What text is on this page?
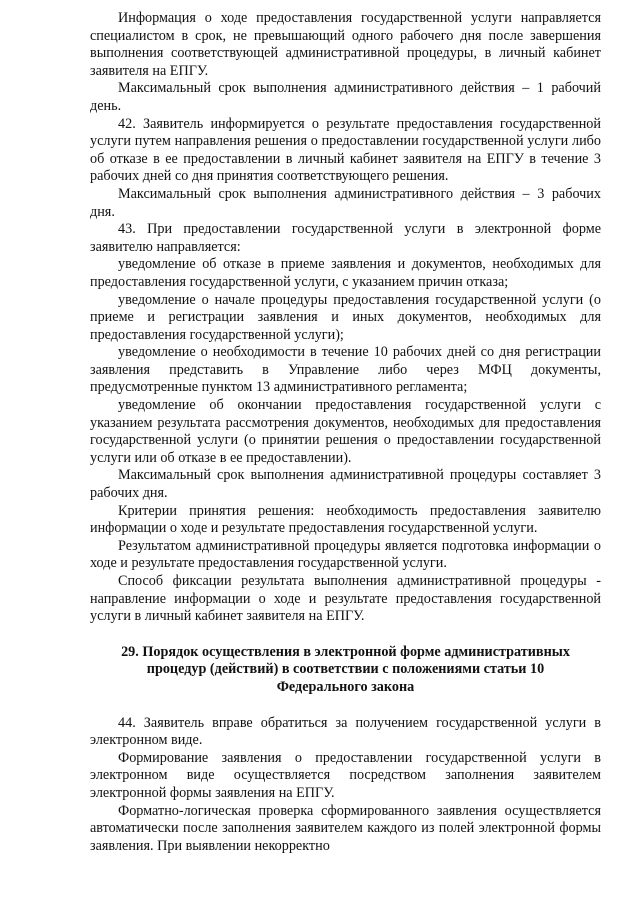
Информация о ходе предоставления государственной услуги направляется специалистом в срок, не превышающий одного рабочего дня после завершения выполнения соответствующей административной процедуры, в личный кабинет заявителя на ЕПГУ.

Максимальный срок выполнения административного действия – 1 рабочий день.

42. Заявитель информируется о результате предоставления государственной услуги путем направления решения о предоставлении государственной услуги либо об отказе в ее предоставлении в личный кабинет заявителя на ЕПГУ в течение 3 рабочих дней со дня принятия соответствующего решения.

Максимальный срок выполнения административного действия – 3 рабочих дня.

43. При предоставлении государственной услуги в электронной форме заявителю направляется:

уведомление об отказе в приеме заявления и документов, необходимых для предоставления государственной услуги, с указанием причин отказа;

уведомление о начале процедуры предоставления государственной услуги (о приеме и регистрации заявления и иных документов, необходимых для предоставления государственной услуги);

уведомление о необходимости в течение 10 рабочих дней со дня регистрации заявления представить в Управление либо через МФЦ документы, предусмотренные пунктом 13 административного регламента;

уведомление об окончании предоставления государственной услуги с указанием результата рассмотрения документов, необходимых для предоставления государственной услуги (о принятии решения о предоставлении государственной услуги или об отказе в ее предоставлении).

Максимальный срок выполнения административной процедуры составляет 3 рабочих дня.

Критерии принятия решения: необходимость предоставления заявителю информации о ходе и результате предоставления государственной услуги.

Результатом административной процедуры является подготовка информации о ходе и результате предоставления государственной услуги.

Способ фиксации результата выполнения административной процедуры - направление информации о ходе и результате предоставления государственной услуги в личный кабинет заявителя на ЕПГУ.

29. Порядок осуществления в электронной форме административных процедур (действий) в соответствии с положениями статьи 10 Федерального закона

44. Заявитель вправе обратиться за получением государственной услуги в электронном виде.

Формирование заявления о предоставлении государственной услуги в электронном виде осуществляется посредством заполнения заявителем электронной формы заявления на ЕПГУ.

Форматно-логическая проверка сформированного заявления осуществляется автоматически после заполнения заявителем каждого из полей электронной формы заявления. При выявлении некорректно
